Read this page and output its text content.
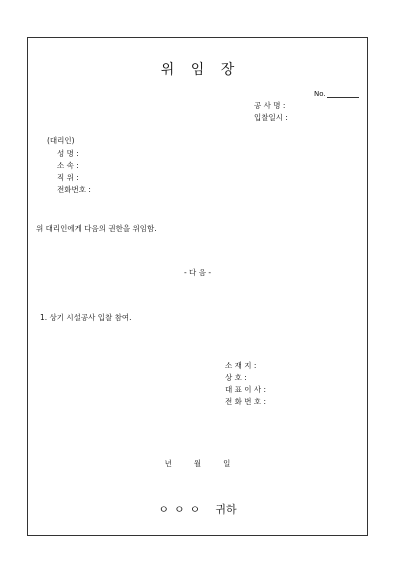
위 임 장
No.
공 사 명 :
입찰일시 :
(대리인)
성 명 :
소 속 :
직 위 :
전화번호 :
위 대리인에게 다음의 권한을 위임함.
- 다 음 -
1. 상기 시설공사 입찰 참여.
소 재 지 :
상 호 :
대 표 이 사 :
전 화 번 호 :
년	월	일
ㅇㅇㅇ 귀하
